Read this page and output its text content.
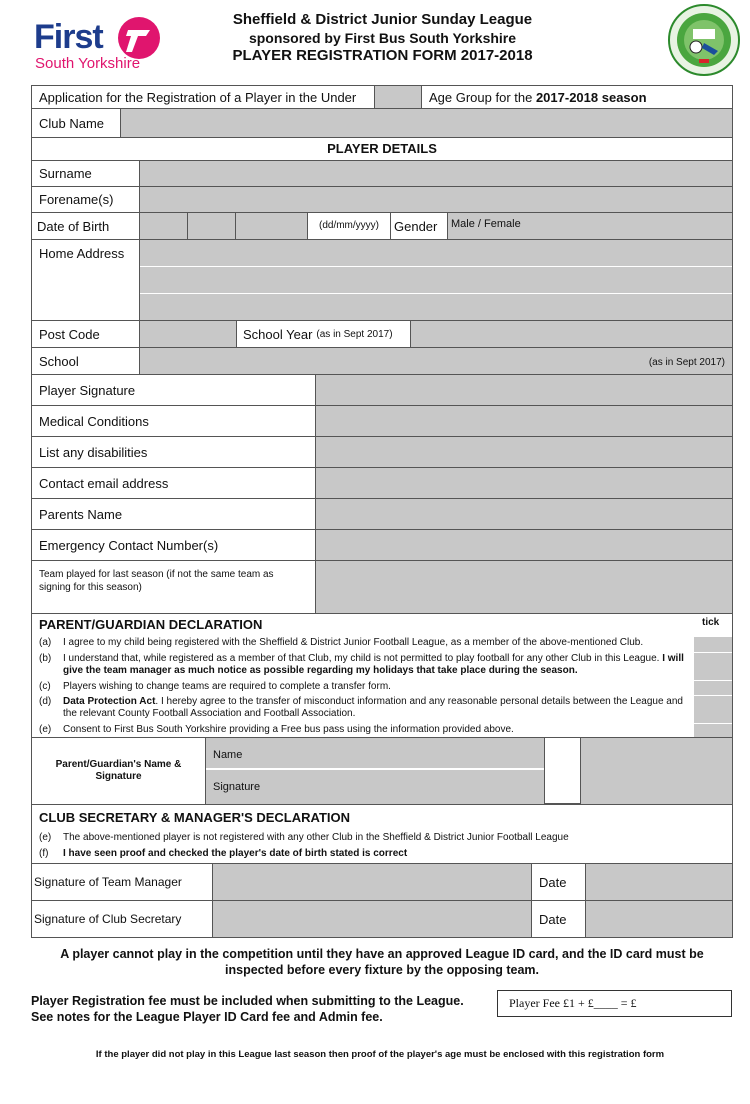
First
South Yorkshire
Sheffield & District Junior Sunday League
sponsored by First Bus South Yorkshire
PLAYER REGISTRATION FORM 2017-2018
Application for the Registration of a Player in the Under	Age Group for the 2017-2018 season
Club Name
PLAYER DETAILS
Surname
Forename(s)
Date of Birth	(dd/mm/yyyy)	Gender	Male / Female
Home Address
Post Code	School Year (as in Sept 2017)
School	(as in Sept 2017)
Player Signature
Medical Conditions
List any disabilities
Contact email address
Parents Name
Emergency Contact Number(s)
Team played for last season (if not the same team as signing for this season)
PARENT/GUARDIAN DECLARATION	tick
(a) I agree to my child being registered with the Sheffield & District Junior Football League, as a member of the above-mentioned Club.
(b)	I understand that, while registered as a member of that Club, my child is not permitted to play football for any other Club in this League. I will give the team manager as much notice as possible regarding my holidays that take place during the season.
(c) Players wishing to change teams are required to complete a transfer form.
(d)	Data Protection Act. I hereby agree to the transfer of misconduct information and any reasonable personal details between the League and the relevant County Football Association and Football Association.
(e) Consent to First Bus South Yorkshire providing a Free bus pass using the information provided above.
Parent/Guardian's Name & Signature
Name
Signature
CLUB SECRETARY & MANAGER'S DECLARATION
(e) The above-mentioned player is not registered with any other Club in the Sheffield & District Junior Football League
(f) I have seen proof and checked the player's date of birth stated is correct
Signature of Team Manager	Date
Signature of Club Secretary	Date
A player cannot play in the competition until they have an approved League ID card, and the ID card must be inspected before every fixture by the opposing team.
Player Registration fee must be included when submitting to the League.
See notes for the League Player ID Card fee and Admin fee.
Player Fee £1 + £____ = £
If the player did not play in this League last season then proof of the player's age must be enclosed with this registration form
